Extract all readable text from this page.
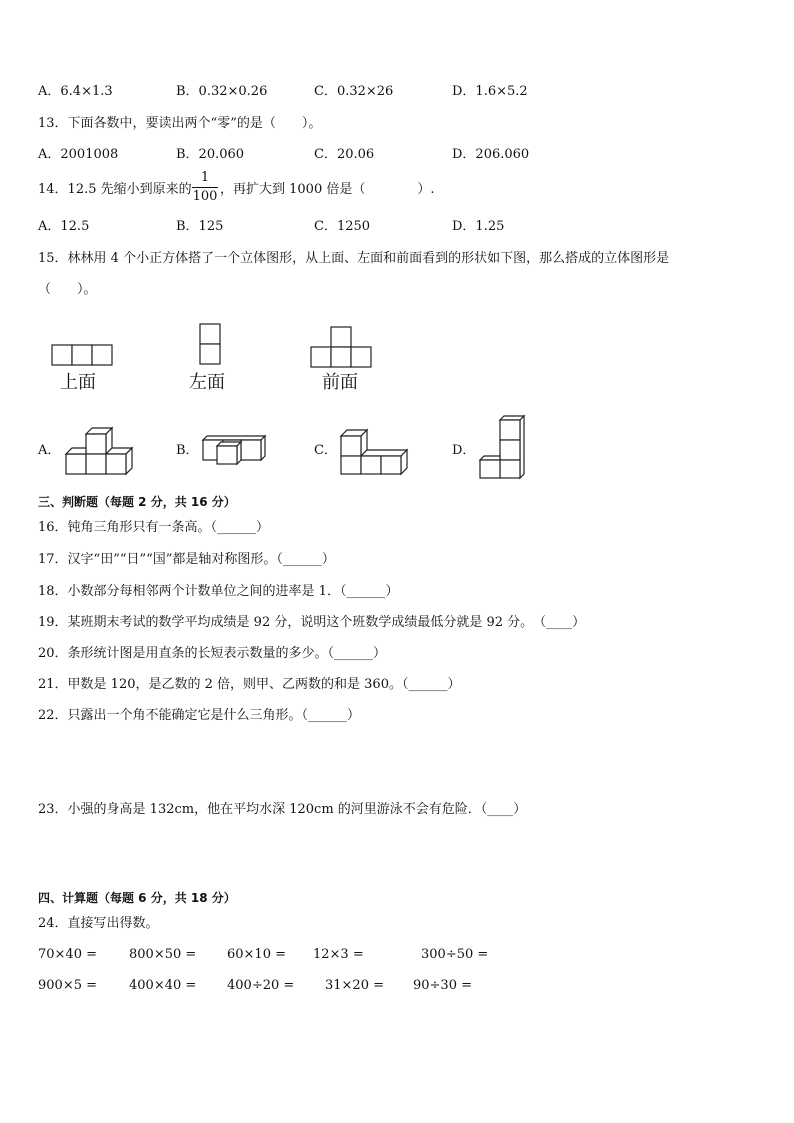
A．6.4×1.3	B．0.32×0.26	C．0.32×26	D．1.6×5.2
13．下面各数中，要读出两个“零”的是（　　）。
A．2001008	B．20.060	C．20.06	D．206.060
14．12.5 先缩小到原来的
1
100 ，再扩大到 1000 倍是（　　　　）.
A．12.5	B．125	C．1250	D．1.25
15．林林用 4 个小正方体搭了一个立体图形，从上面、左面和前面看到的形状如下图，那么搭成的立体图形是
（　　）。
上面	左面	前面
A．	B．	C．	D．
三、判断题（每题 2 分，共 16 分）
16．钝角三角形只有一条高。（______）
17．汉字“田”“日”“国”都是轴对称图形。（______）
18．小数部分每相邻两个计数单位之间的进率是 1．（______）
19．某班期末考试的数学平均成绩是 92 分，说明这个班数学成绩最低分就是 92 分。　（____）
20．条形统计图是用直条的长短表示数量的多少。（______）
21．甲数是 120，是乙数的 2 倍，则甲、乙两数的和是 360。（______）
22．只露出一个角不能确定它是什么三角形。（______）
23．小强的身高是 132cm，他在平均水深 120cm 的河里游泳不会有危险．（____）
四、计算题（每题 6 分，共 18 分）
24．直接写出得数。
70×40 = 800×50 = 60×10 = 12×3 =	300÷50 =
900×5 = 400×40 = 400÷20 = 31×20 = 90÷30 =
